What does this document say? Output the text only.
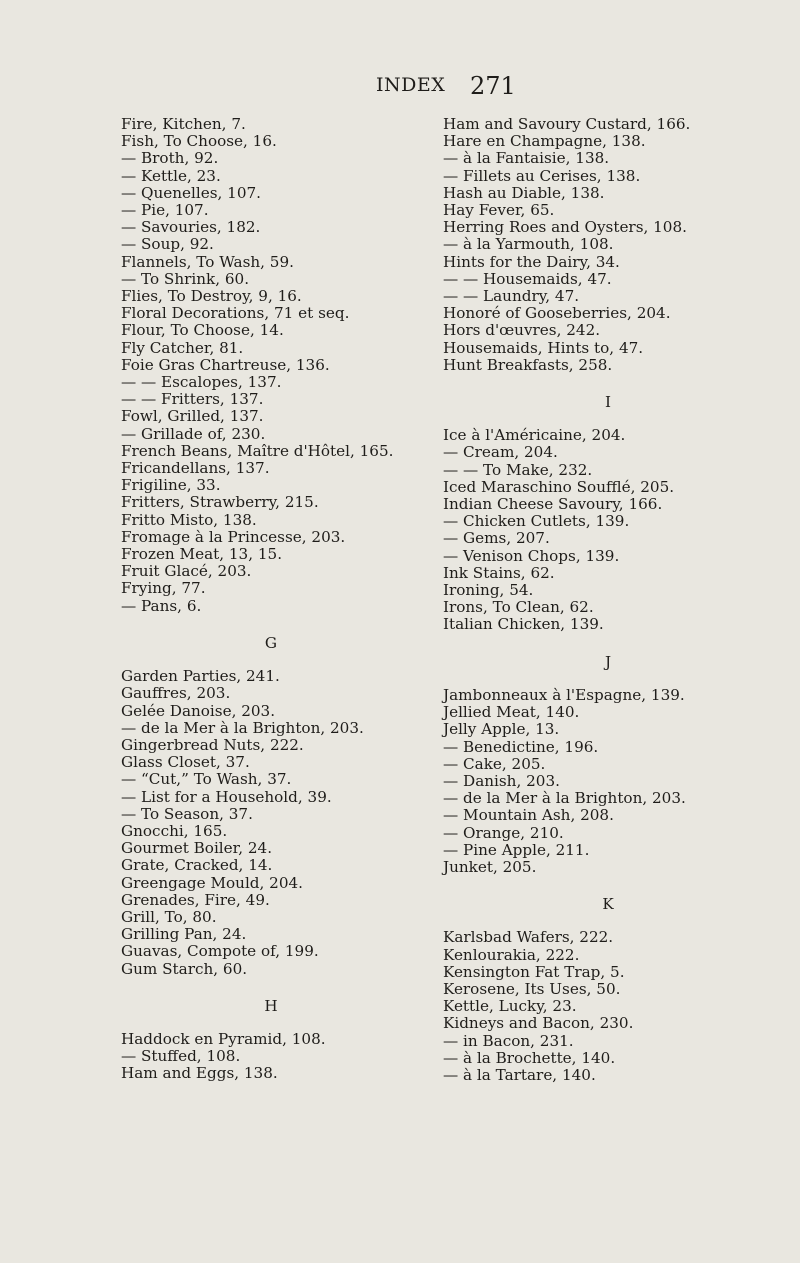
INDEX 271
Fire, Kitchen, 7.
Fish, To Choose, 16.
— Broth, 92.
— Kettle, 23.
— Quenelles, 107.
— Pie, 107.
— Savouries, 182.
— Soup, 92.
Flannels, To Wash, 59.
— To Shrink, 60.
Flies, To Destroy, 9, 16.
Floral Decorations, 71 et seq.
Flour, To Choose, 14.
Fly Catcher, 81.
Foie Gras Chartreuse, 136.
— — Escalopes, 137.
— — Fritters, 137.
Fowl, Grilled, 137.
— Grillade of, 230.
French Beans, Maître d'Hôtel, 165.
Fricandellans, 137.
Frigiline, 33.
Fritters, Strawberry, 215.
Fritto Misto, 138.
Fromage à la Princesse, 203.
Frozen Meat, 13, 15.
Fruit Glacé, 203.
Frying, 77.
— Pans, 6.
G
Garden Parties, 241.
Gauffres, 203.
Gelée Danoise, 203.
— de la Mer à la Brighton, 203.
Gingerbread Nuts, 222.
Glass Closet, 37.
— “Cut,” To Wash, 37.
— List for a Household, 39.
— To Season, 37.
Gnocchi, 165.
Gourmet Boiler, 24.
Grate, Cracked, 14.
Greengage Mould, 204.
Grenades, Fire, 49.
Grill, To, 80.
Grilling Pan, 24.
Guavas, Compote of, 199.
Gum Starch, 60.
H
Haddock en Pyramid, 108.
— Stuffed, 108.
Ham and Eggs, 138.
Ham and Savoury Custard, 166.
Hare en Champagne, 138.
— à la Fantaisie, 138.
— Fillets au Cerises, 138.
Hash au Diable, 138.
Hay Fever, 65.
Herring Roes and Oysters, 108.
— à la Yarmouth, 108.
Hints for the Dairy, 34.
— — Housemaids, 47.
— — Laundry, 47.
Honoré of Gooseberries, 204.
Hors d'œuvres, 242.
Housemaids, Hints to, 47.
Hunt Breakfasts, 258.
I
Ice à l'Américaine, 204.
— Cream, 204.
— — To Make, 232.
Iced Maraschino Soufflé, 205.
Indian Cheese Savoury, 166.
— Chicken Cutlets, 139.
— Gems, 207.
— Venison Chops, 139.
Ink Stains, 62.
Ironing, 54.
Irons, To Clean, 62.
Italian Chicken, 139.
J
Jambonneaux à l'Espagne, 139.
Jellied Meat, 140.
Jelly Apple, 13.
— Benedictine, 196.
— Cake, 205.
— Danish, 203.
— de la Mer à la Brighton, 203.
— Mountain Ash, 208.
— Orange, 210.
— Pine Apple, 211.
Junket, 205.
K
Karlsbad Wafers, 222.
Kenlourakia, 222.
Kensington Fat Trap, 5.
Kerosene, Its Uses, 50.
Kettle, Lucky, 23.
Kidneys and Bacon, 230.
— in Bacon, 231.
— à la Brochette, 140.
— à la Tartare, 140.
